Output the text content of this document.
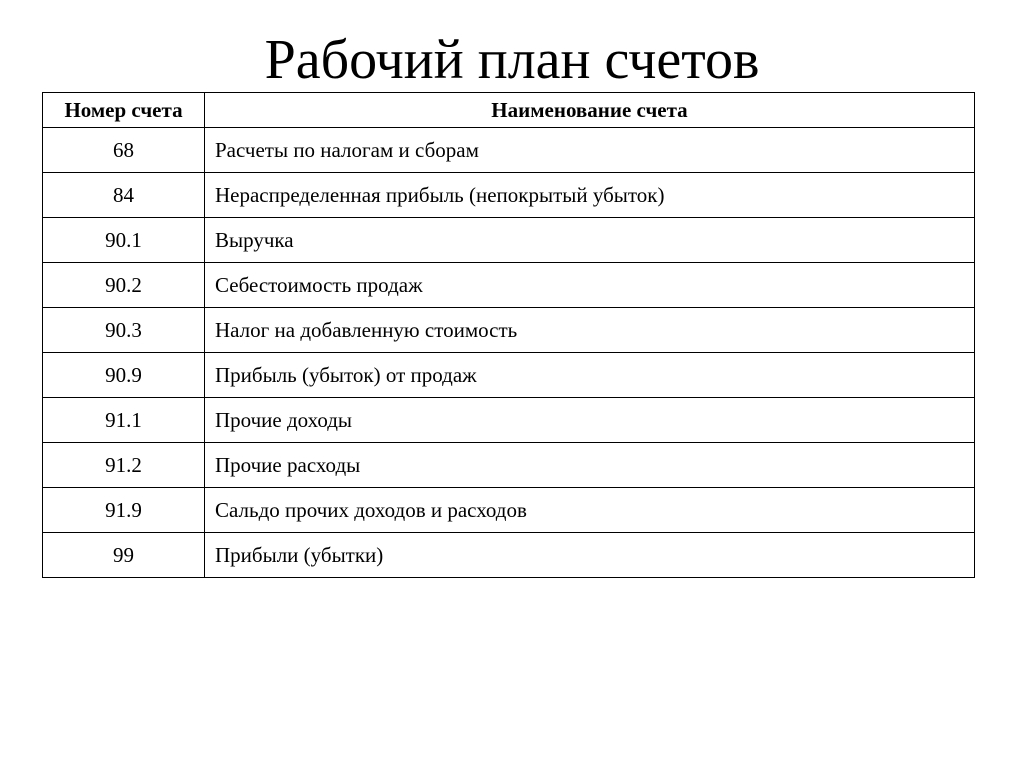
Рабочий план счетов
Номер счета	Наименование счета
68	Расчеты по налогам и сборам
84	Нераспределенная прибыль (непокрытый убыток)
90.1	Выручка
90.2	Себестоимость продаж
90.3	Налог на добавленную стоимость
90.9	Прибыль (убыток) от продаж
91.1	Прочие доходы
91.2	Прочие расходы
91.9	Сальдо прочих доходов и расходов
99	Прибыли (убытки)
